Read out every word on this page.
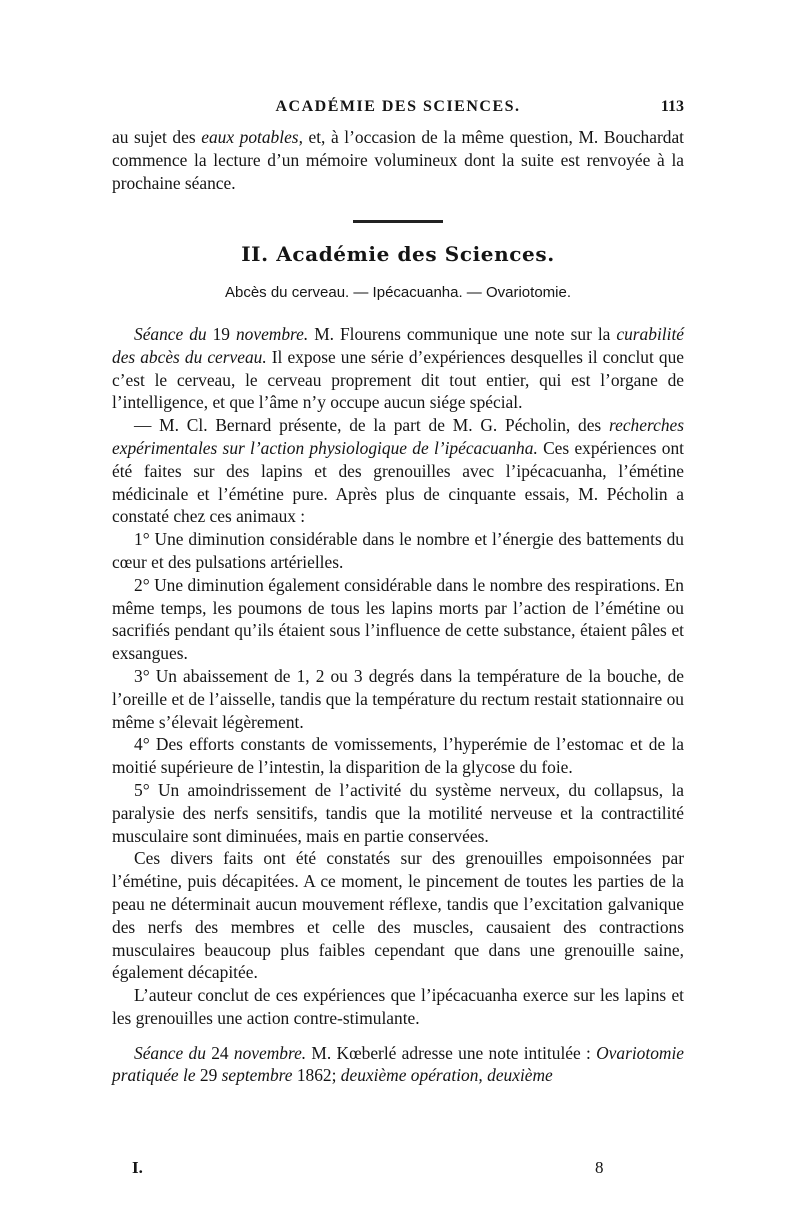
ACADÉMIE DES SCIENCES.	113

au sujet des eaux potables, et, à l’occasion de la même question, M. Bouchardat commence la lecture d’un mémoire volumineux dont la suite est renvoyée à la prochaine séance.

II. Académie des Sciences.
Abcès du cerveau. — Ipécacuanha. — Ovariotomie.

Séance du 19 novembre. M. Flourens communique une note sur la curabilité des abcès du cerveau. Il expose une série d’expériences desquelles il conclut que c’est le cerveau, le cerveau proprement dit tout entier, qui est l’organe de l’intelligence, et que l’âme n’y occupe aucun siége spécial.

— M. Cl. Bernard présente, de la part de M. G. Pécholin, des recherches expérimentales sur l’action physiologique de l’ipécacuanha. Ces expériences ont été faites sur des lapins et des grenouilles avec l’ipécacuanha, l’émétine médicinale et l’émétine pure. Après plus de cinquante essais, M. Pécholin a constaté chez ces animaux :

1° Une diminution considérable dans le nombre et l’énergie des battements du cœur et des pulsations artérielles.

2° Une diminution également considérable dans le nombre des respirations. En même temps, les poumons de tous les lapins morts par l’action de l’émétine ou sacrifiés pendant qu’ils étaient sous l’influence de cette substance, étaient pâles et exsangues.

3° Un abaissement de 1, 2 ou 3 degrés dans la température de la bouche, de l’oreille et de l’aisselle, tandis que la température du rectum restait stationnaire ou même s’élevait légèrement.

4° Des efforts constants de vomissements, l’hyperémie de l’estomac et de la moitié supérieure de l’intestin, la disparition de la glycose du foie.

5° Un amoindrissement de l’activité du système nerveux, du collapsus, la paralysie des nerfs sensitifs, tandis que la motilité nerveuse et la contractilité musculaire sont diminuées, mais en partie conservées.

Ces divers faits ont été constatés sur des grenouilles empoisonnées par l’émétine, puis décapitées. A ce moment, le pincement de toutes les parties de la peau ne déterminait aucun mouvement réflexe, tandis que l’excitation galvanique des nerfs des membres et celle des muscles, causaient des contractions musculaires beaucoup plus faibles cependant que dans une grenouille saine, également décapitée.

L’auteur conclut de ces expériences que l’ipécacuanha exerce sur les lapins et les grenouilles une action contre-stimulante.

Séance du 24 novembre. M. Kœberlé adresse une note intitulée : Ovariotomie pratiquée le 29 septembre 1862; deuxième opération, deuxième

I.	8
